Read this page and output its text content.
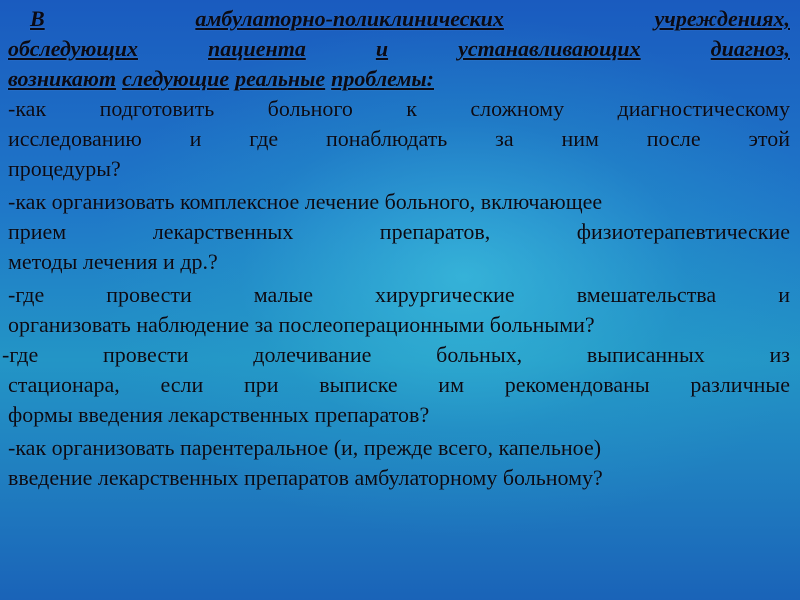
В	амбулаторно-поликлинических	учреждениях,
обследующих	пациента	и	устанавливающих	диагноз,
возникают следующие реальные проблемы:
-как подготовить больного к сложному диагностическому
исследованию и где понаблюдать за ним после этой
процедуры?
-как организовать комплексное лечение больного, включающее
прием	лекарственных	препаратов,	физиотерапевтические
методы лечения и др.?
-где	провести	малые	хирургические	вмешательства	и
организовать наблюдение за послеоперационными больными?
-где	провести	долечивание	больных,	выписанных	из
стационара, если при выписке им рекомендованы различные
формы введения лекарственных препаратов?
-как организовать парентеральное (и, прежде всего, капельное)
введение лекарственных препаратов амбулаторному больному?
